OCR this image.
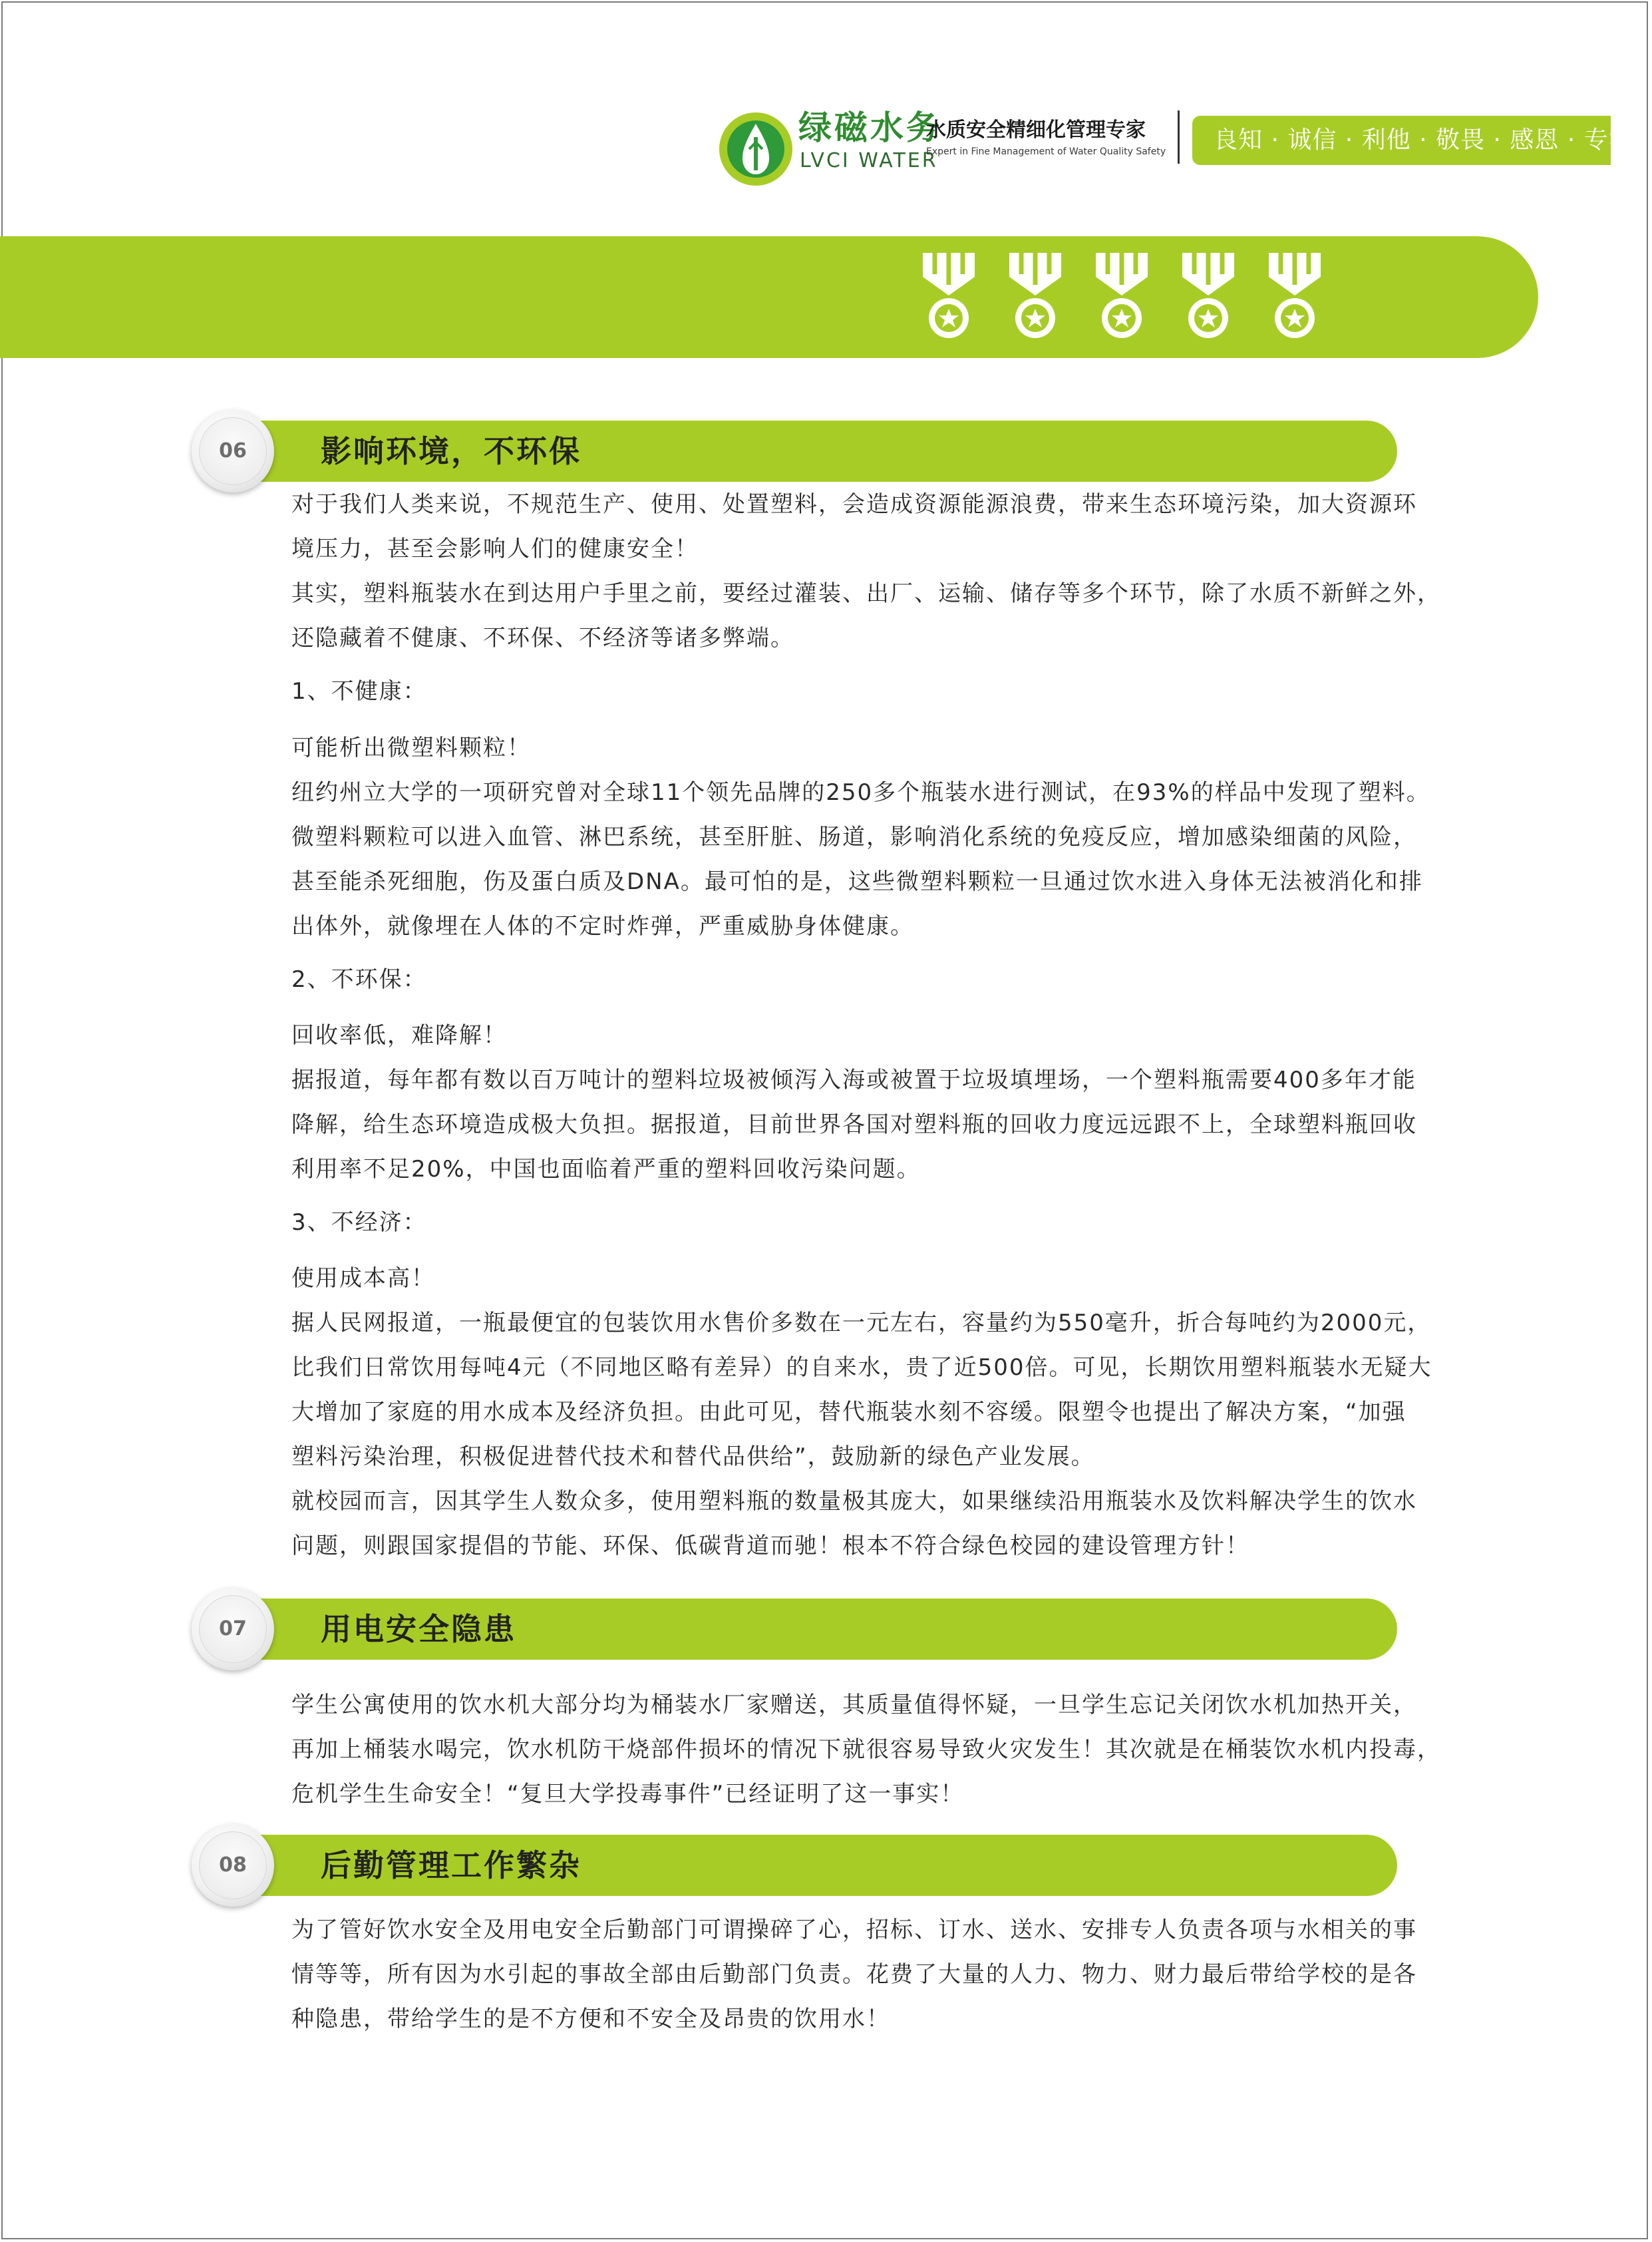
绿磁水务
LVCI WATER
水质安全精细化管理专家
Expert in Fine Management of Water Quality Safety 良知 · 诚信 · 利他 · 敬畏 · 感恩 · 专注
06	影响环境，不环保
对于我们人类来说，不规范生产、使用、处置塑料，会造成资源能源浪费，带来生态环境污染，加大资源环
境压力，甚至会影响人们的健康安全！
其实，塑料瓶装水在到达用户手里之前，要经过灌装、出厂、运输、储存等多个环节，除了水质不新鲜之外，
还隐藏着不健康、不环保、不经济等诸多弊端。
1、不健康：
可能析出微塑料颗粒！
纽约州立大学的一项研究曾对全球11个领先品牌的250多个瓶装水进行测试，在93%的样品中发现了塑料。
微塑料颗粒可以进入血管、淋巴系统，甚至肝脏、肠道，影响消化系统的免疫反应，增加感染细菌的风险，
甚至能杀死细胞，伤及蛋白质及DNA。最可怕的是，这些微塑料颗粒一旦通过饮水进入身体无法被消化和排
出体外，就像埋在人体的不定时炸弹，严重威胁身体健康。
2、不环保：
回收率低，难降解！
据报道，每年都有数以百万吨计的塑料垃圾被倾泻入海或被置于垃圾填埋场，一个塑料瓶需要400多年才能
降解，给生态环境造成极大负担。据报道，目前世界各国对塑料瓶的回收力度远远跟不上，全球塑料瓶回收
利用率不足20%，中国也面临着严重的塑料回收污染问题。
3、不经济：
使用成本高！
据人民网报道，一瓶最便宜的包装饮用水售价多数在一元左右，容量约为550毫升，折合每吨约为2000元，
比我们日常饮用每吨4元（不同地区略有差异）的自来水，贵了近500倍。可见，长期饮用塑料瓶装水无疑大
大增加了家庭的用水成本及经济负担。由此可见，替代瓶装水刻不容缓。限塑令也提出了解决方案，“加强
塑料污染治理，积极促进替代技术和替代品供给”，鼓励新的绿色产业发展。
就校园而言，因其学生人数众多，使用塑料瓶的数量极其庞大，如果继续沿用瓶装水及饮料解决学生的饮水
问题，则跟国家提倡的节能、环保、低碳背道而驰！根本不符合绿色校园的建设管理方针！
07	用电安全隐患
学生公寓使用的饮水机大部分均为桶装水厂家赠送，其质量值得怀疑，一旦学生忘记关闭饮水机加热开关，
再加上桶装水喝完，饮水机防干烧部件损坏的情况下就很容易导致火灾发生！其次就是在桶装饮水机内投毒，
危机学生生命安全！“复旦大学投毒事件”已经证明了这一事实！
08	后勤管理工作繁杂
为了管好饮水安全及用电安全后勤部门可谓操碎了心，招标、订水、送水、安排专人负责各项与水相关的事
情等等，所有因为水引起的事故全部由后勤部门负责。花费了大量的人力、物力、财力最后带给学校的是各
种隐患，带给学生的是不方便和不安全及昂贵的饮用水！
